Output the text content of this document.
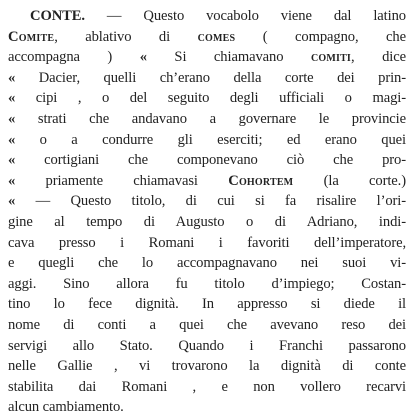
CONTE. — Questo vocabolo viene dal latino
Comite, ablativo di comes ( compagno, che
accompagna ) « Si chiamavano comiti, dice
« Dacier, quelli ch’erano della corte dei prin-
« cipi , o del seguito degli ufficiali o magi-
« strati che andavano a governare le provincie
« o a condurre gli eserciti; ed erano quei
« cortigiani che componevano ciò che pro-
« priamente chiamavasi Cohortem (la corte.)
« — Questo titolo, di cui si fa risalire l’ori-
gine al tempo di Augusto o di Adriano, indi-
cava presso i Romani i favoriti dell’imperatore,
e quegli che lo accompagnavano nei suoi vi-
aggi. Sino allora fu titolo d’impiego; Costan-
tino lo fece dignità. In appresso si diede il
nome di conti a quei che avevano reso dei
servigi allo Stato. Quando i Franchi passarono
nelle Gallie , vi trovarono la dignità di conte
stabilita dai Romani , e non vollero recarvi
alcun cambiamento.
